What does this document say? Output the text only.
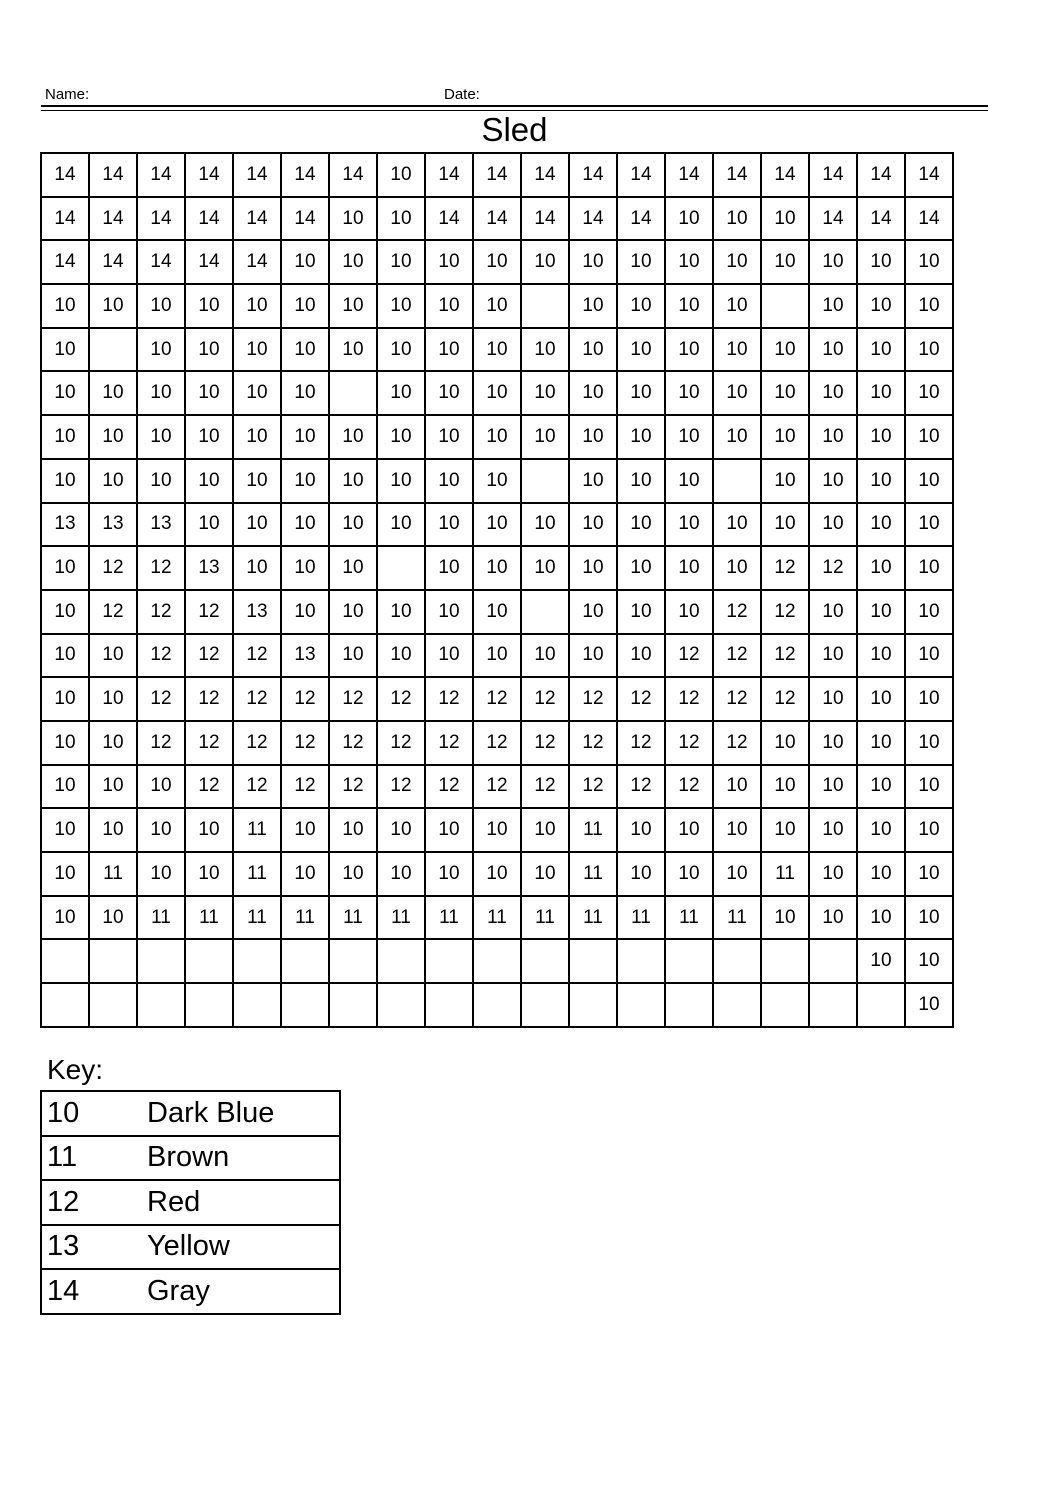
Name:	Date:
Sled
14	14	14	14	14	14	14	10	14	14	14	14	14	14	14	14	14	14	14
14	14	14	14	14	14	10	10	14	14	14	14	14	10	10	10	14	14	14
14	14	14	14	14	10	10	10	10	10	10	10	10	10	10	10	10	10	10
10	10	10	10	10	10	10	10	10	10		10	10	10	10		10	10	10
10		10	10	10	10	10	10	10	10	10	10	10	10	10	10	10	10	10
10	10	10	10	10	10		10	10	10	10	10	10	10	10	10	10	10	10
10	10	10	10	10	10	10	10	10	10	10	10	10	10	10	10	10	10	10
10	10	10	10	10	10	10	10	10	10		10	10	10		10	10	10	10
13	13	13	10	10	10	10	10	10	10	10	10	10	10	10	10	10	10	10
10	12	12	13	10	10	10		10	10	10	10	10	10	10	12	12	10	10
10	12	12	12	13	10	10	10	10	10		10	10	10	12	12	10	10	10
10	10	12	12	12	13	10	10	10	10	10	10	10	12	12	12	10	10	10
10	10	12	12	12	12	12	12	12	12	12	12	12	12	12	12	10	10	10
10	10	12	12	12	12	12	12	12	12	12	12	12	12	12	10	10	10	10
10	10	10	12	12	12	12	12	12	12	12	12	12	12	10	10	10	10	10
10	10	10	10	11	10	10	10	10	10	10	11	10	10	10	10	10	10	10
10	11	10	10	11	10	10	10	10	10	10	11	10	10	10	11	10	10	10
10	10	11	11	11	11	11	11	11	11	11	11	11	11	11	10	10	10	10
																	10	10
																		10
Key:
10	Dark Blue
11	Brown
12	Red
13	Yellow
14	Gray
